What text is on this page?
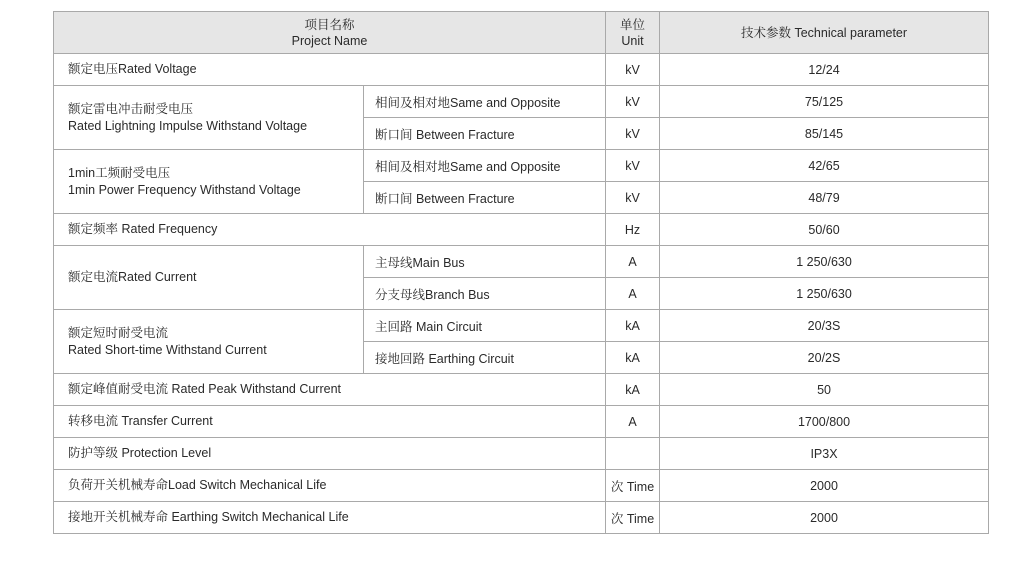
项目名称
Project Name		单位
Unit	技术参数 Technical parameter
额定电压Rated Voltage		kV	12/24

额定雷电冲击耐受电压
Rated Lightning Impulse Withstand Voltage	相间及相对地Same and Opposite	kV	75/125
	断口间 Between Fracture	kV	85/145

1min工频耐受电压
1min Power Frequency Withstand Voltage	相间及相对地Same and Opposite	kV	42/65
	断口间 Between Fracture	kV	48/79
额定频率 Rated Frequency		Hz	50/60
额定电流Rated Current	主母线Main Bus	A	1 250/630
	分支母线Branch Bus	A	1 250/630

额定短时耐受电流
Rated Short-time Withstand Current	主回路 Main Circuit	kA	20/3S
	接地回路 Earthing Circuit	kA	20/2S
额定峰值耐受电流 Rated Peak Withstand Current		kA	50
转移电流 Transfer Current		A	1700/800
防护等级 Protection Level			IP3X
负荷开关机械寿命Load Switch Mechanical Life		次 Time	2000
接地开关机械寿命 Earthing Switch Mechanical Life		次 Time	2000
